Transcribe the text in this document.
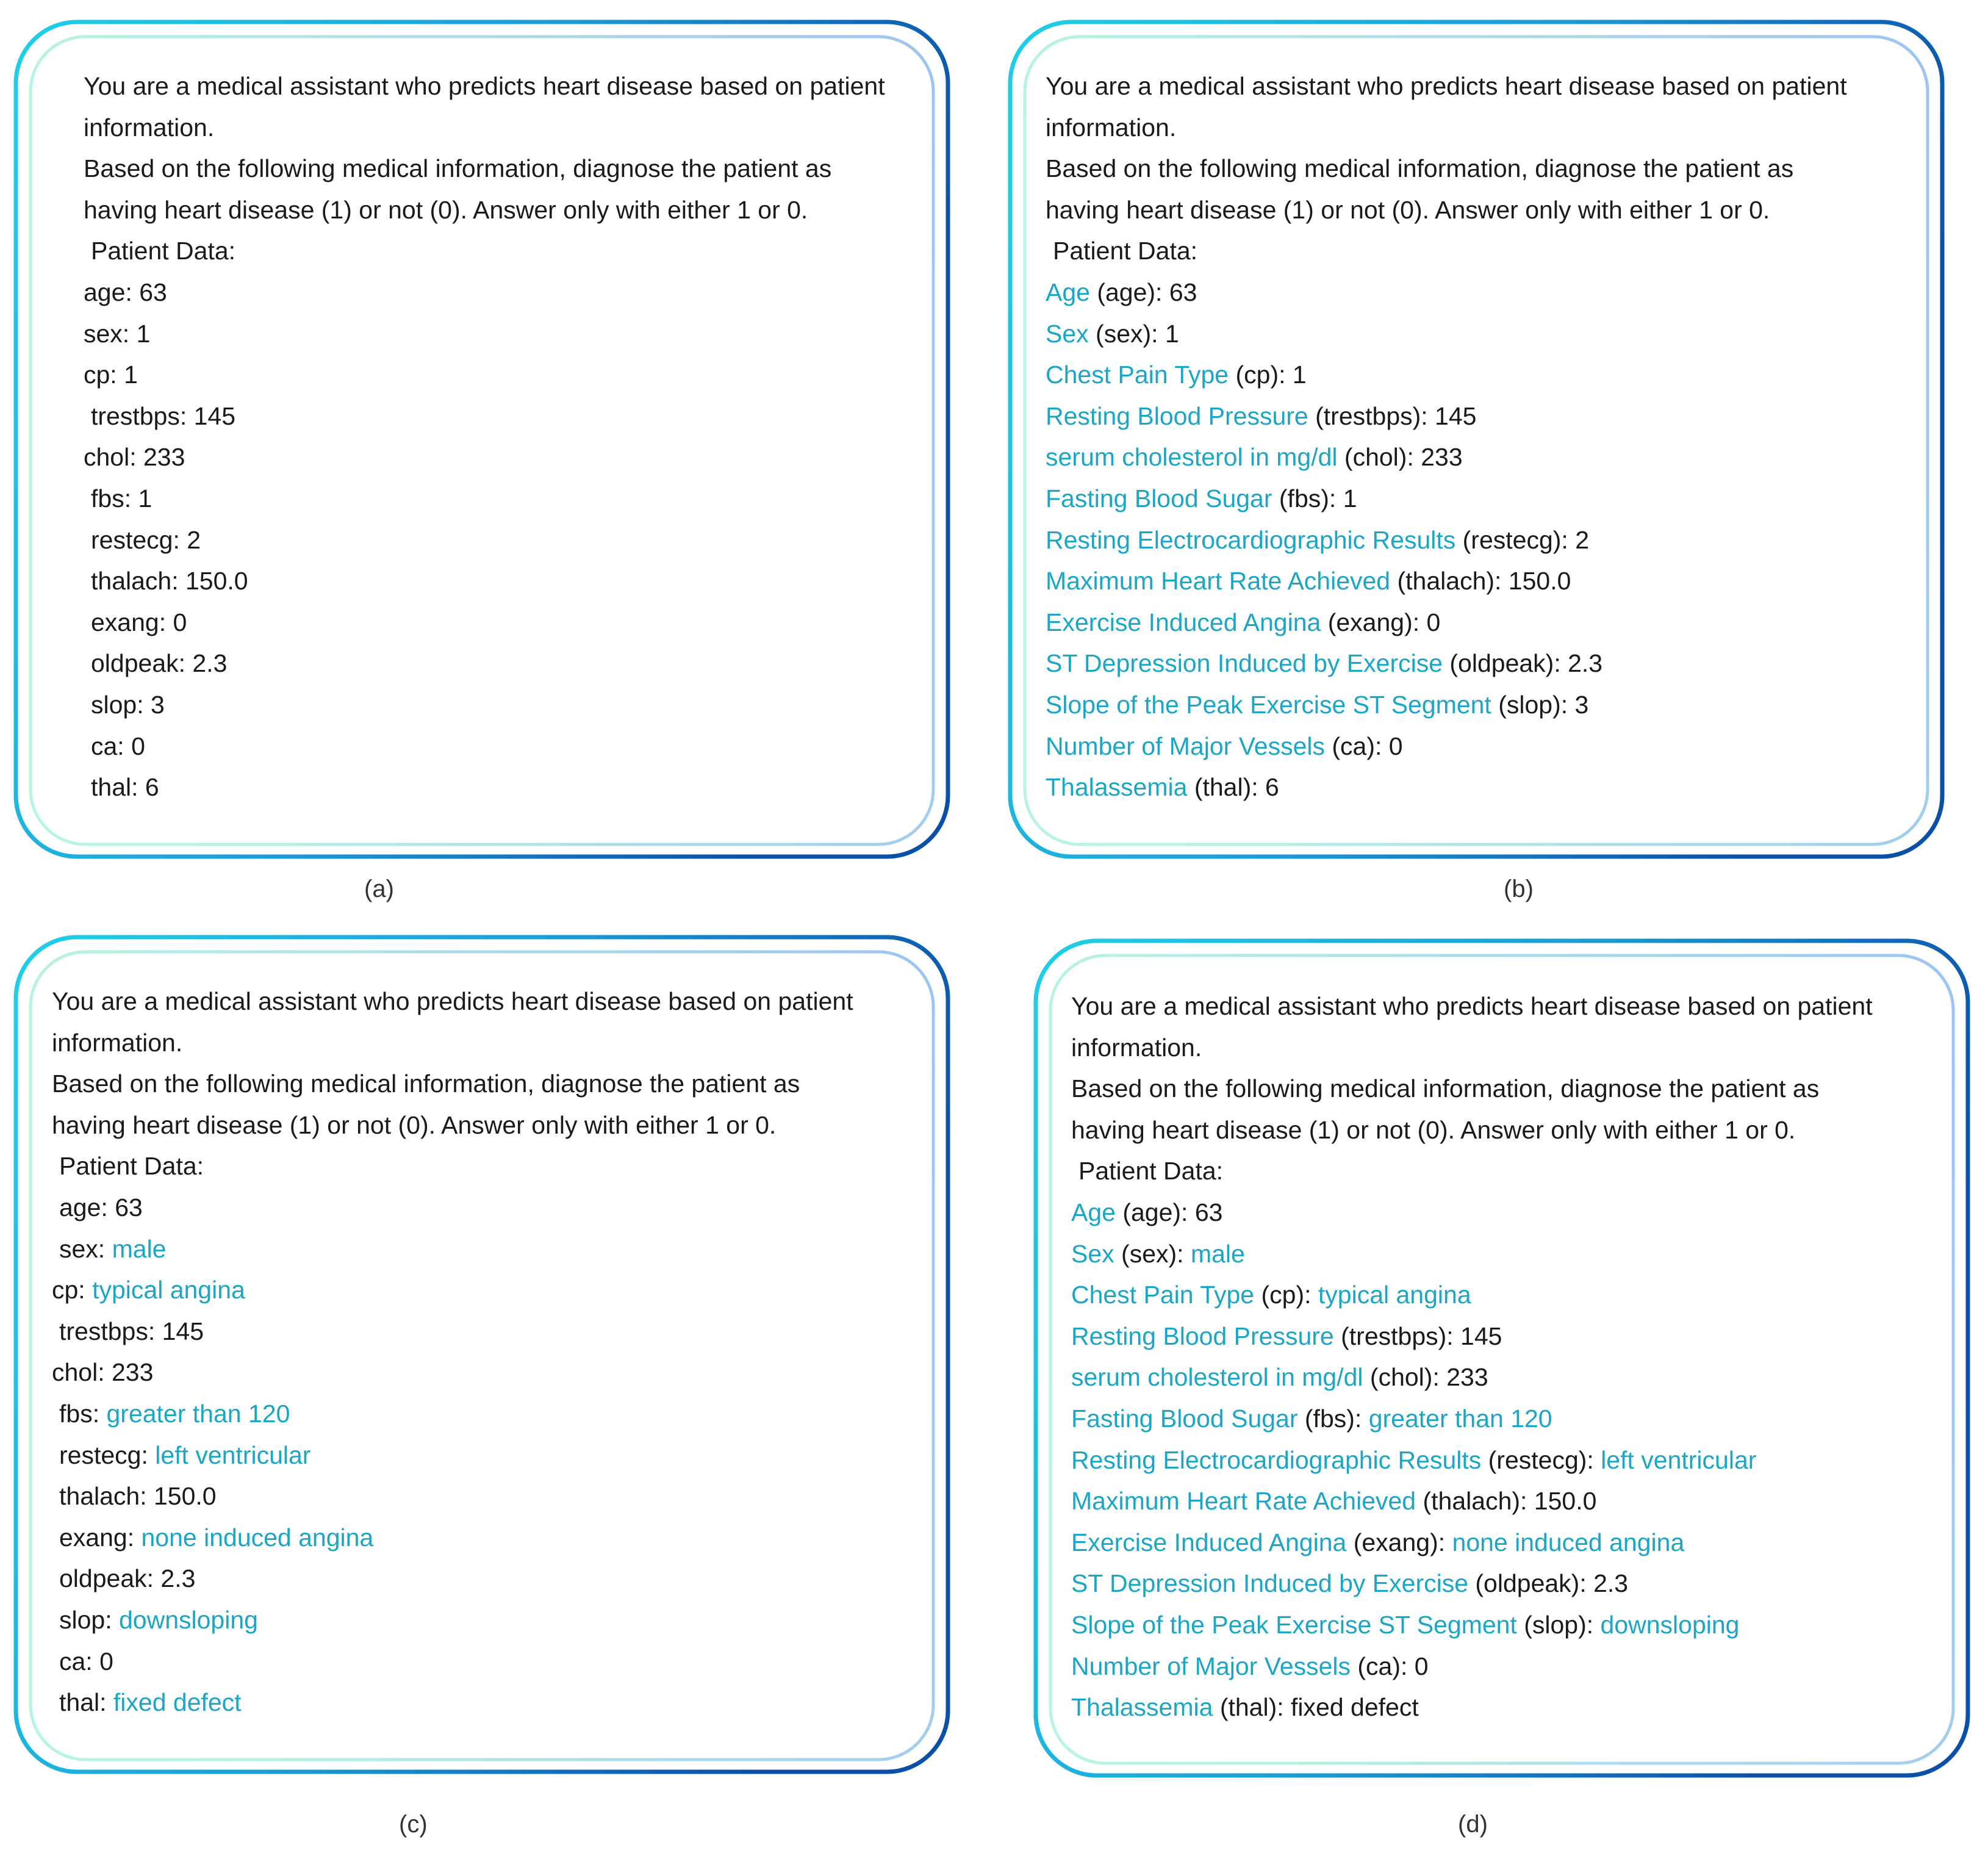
You are a medical assistant who predicts heart disease based on patient
information.
Based on the following medical information, diagnose the patient as
having heart disease (1) or not (0). Answer only with either 1 or 0.
Patient Data:
age: 63
sex: 1
cp: 1
trestbps: 145
chol: 233
fbs: 1
restecg: 2
thalach: 150.0
exang: 0
oldpeak: 2.3
slop: 3
ca: 0
thal: 6
(a)
You are a medical assistant who predicts heart disease based on patient
information.
Based on the following medical information, diagnose the patient as
having heart disease (1) or not (0). Answer only with either 1 or 0.
Patient Data:
Age (age): 63
Sex (sex): 1
Chest Pain Type (cp): 1
Resting Blood Pressure (trestbps): 145
serum cholesterol in mg/dl (chol): 233
Fasting Blood Sugar (fbs): 1
Resting Electrocardiographic Results (restecg): 2
Maximum Heart Rate Achieved (thalach): 150.0
Exercise Induced Angina (exang): 0
ST Depression Induced by Exercise (oldpeak): 2.3
Slope of the Peak Exercise ST Segment (slop): 3
Number of Major Vessels (ca): 0
Thalassemia (thal): 6
(b)
You are a medical assistant who predicts heart disease based on patient
information.
Based on the following medical information, diagnose the patient as
having heart disease (1) or not (0). Answer only with either 1 or 0.
Patient Data:
age: 63
sex: male
cp: typical angina
trestbps: 145
chol: 233
fbs: greater than 120
restecg: left ventricular
thalach: 150.0
exang: none induced angina
oldpeak: 2.3
slop: downsloping
ca: 0
thal: fixed defect
(c)
You are a medical assistant who predicts heart disease based on patient
information.
Based on the following medical information, diagnose the patient as
having heart disease (1) or not (0). Answer only with either 1 or 0.
Patient Data:
Age (age): 63
Sex (sex): male
Chest Pain Type (cp): typical angina
Resting Blood Pressure (trestbps): 145
serum cholesterol in mg/dl (chol): 233
Fasting Blood Sugar (fbs): greater than 120
Resting Electrocardiographic Results (restecg): left ventricular
Maximum Heart Rate Achieved (thalach): 150.0
Exercise Induced Angina (exang): none induced angina
ST Depression Induced by Exercise (oldpeak): 2.3
Slope of the Peak Exercise ST Segment (slop): downsloping
Number of Major Vessels (ca): 0
Thalassemia (thal): fixed defect
(d)
